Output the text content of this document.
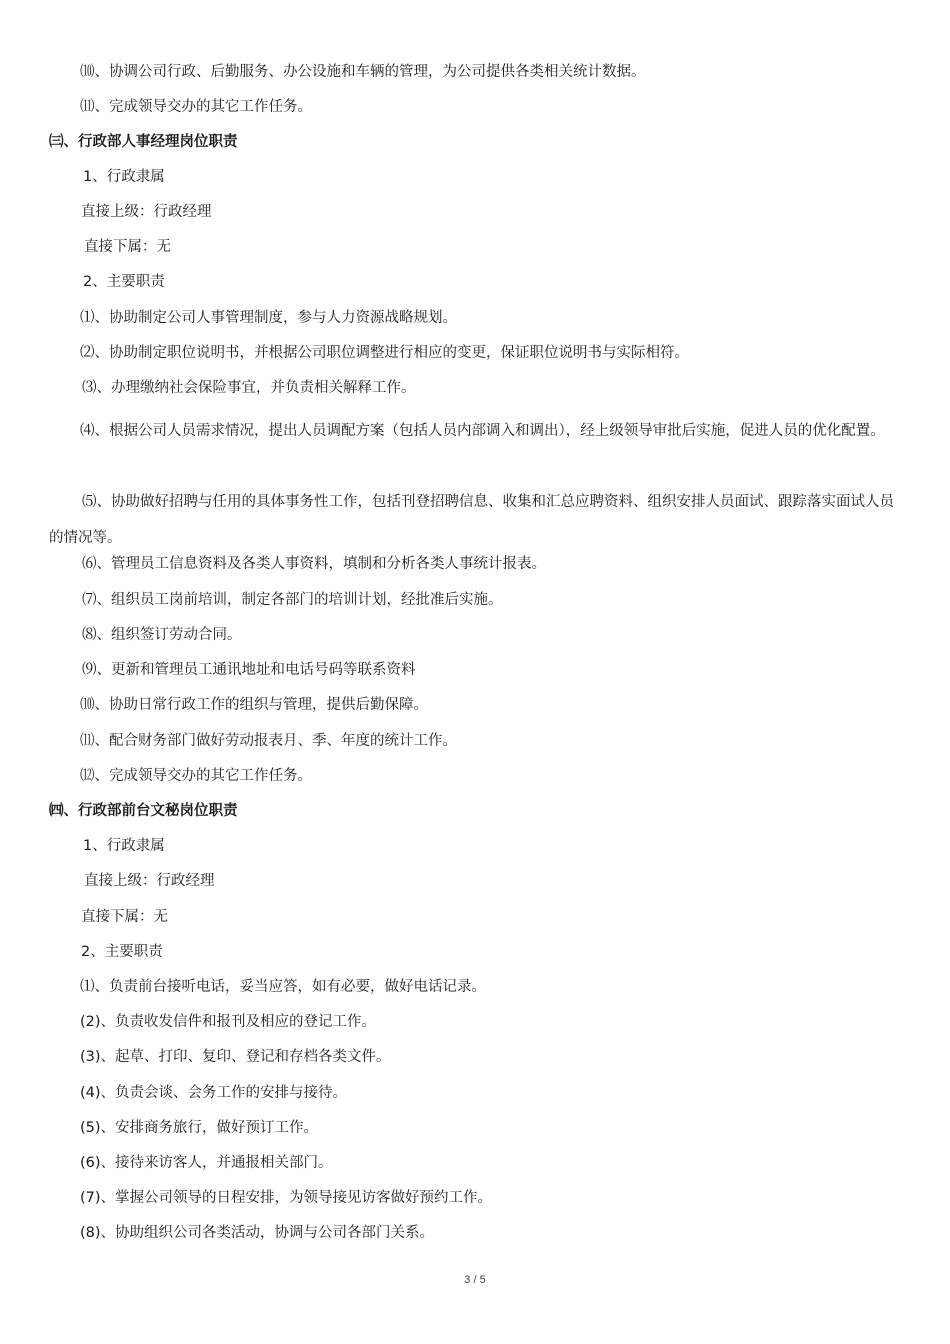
⑽、协调公司行政、后勤服务、办公设施和车辆的管理，为公司提供各类相关统计数据。
⑾、完成领导交办的其它工作任务。
㈢、行政部人事经理岗位职责
1、行政隶属
直接上级：行政经理
直接下属：无
2、主要职责
⑴、协助制定公司人事管理制度，参与人力资源战略规划。
⑵、协助制定职位说明书，并根据公司职位调整进行相应的变更，保证职位说明书与实际相符。
⑶、办理缴纳社会保险事宜，并负责相关解释工作。
⑷、根据公司人员需求情况，提出人员调配方案（包括人员内部调入和调出），经上级领导审批后实施，促进人员的优化配置。
⑸、协助做好招聘与任用的具体事务性工作，包括刊登招聘信息、收集和汇总应聘资料、组织安排人员面试、跟踪落实面试人员的情况等。
⑹、管理员工信息资料及各类人事资料，填制和分析各类人事统计报表。
⑺、组织员工岗前培训，制定各部门的培训计划，经批准后实施。
⑻、组织签订劳动合同。
⑼、更新和管理员工通讯地址和电话号码等联系资料
⑽、协助日常行政工作的组织与管理，提供后勤保障。
⑾、配合财务部门做好劳动报表月、季、年度的统计工作。
⑿、完成领导交办的其它工作任务。
㈣、行政部前台文秘岗位职责
1、行政隶属
直接上级：行政经理
直接下属：无
2、主要职责
⑴、负责前台接听电话，妥当应答，如有必要，做好电话记录。
(2)、负责收发信件和报刊及相应的登记工作。
(3)、起草、打印、复印、登记和存档各类文件。
(4)、负责会谈、会务工作的安排与接待。
(5)、安排商务旅行，做好预订工作。
(6)、接待来访客人，并通报相关部门。
(7)、掌握公司领导的日程安排，为领导接见访客做好预约工作。
(8)、协助组织公司各类活动，协调与公司各部门关系。
3 / 5
